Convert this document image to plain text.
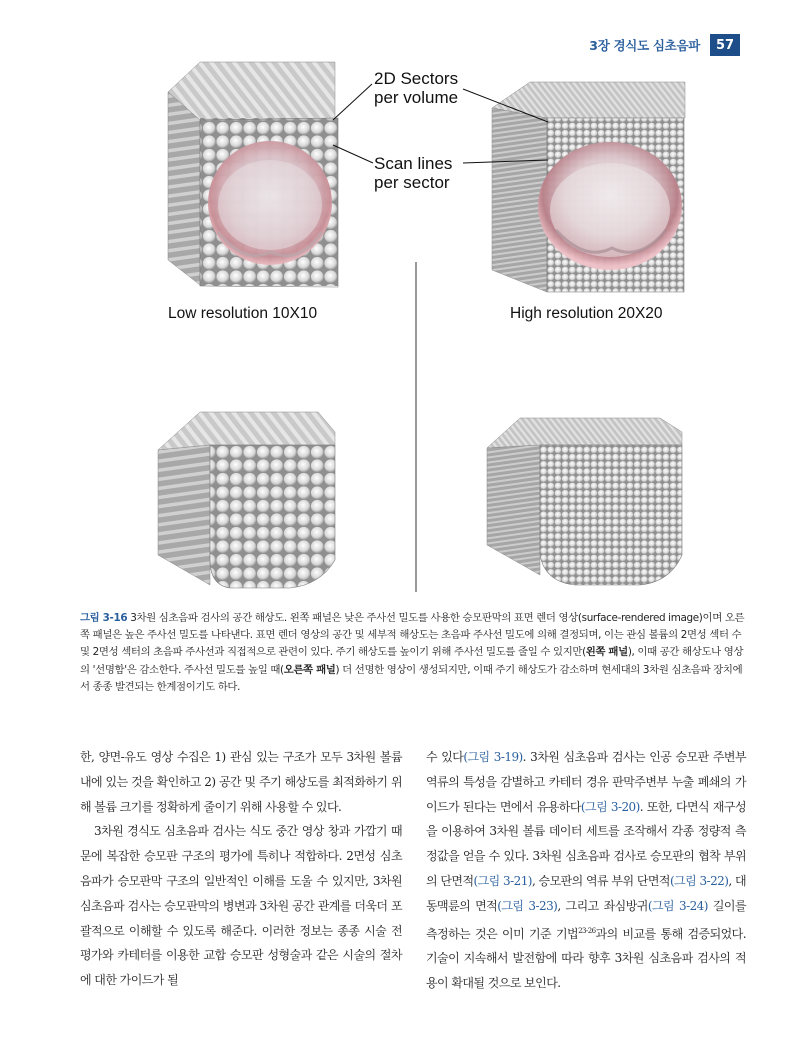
3장 경식도 심초음파	57
2D Sectors
per volume
Scan lines
per sector
Low resolution 10X10	High resolution 20X20
그림 3-16 3차원 심초음파 검사의 공간 해상도. 왼쪽 패널은 낮은 주사선 밀도를 사용한 승모판막의 표면 렌더 영상(surface-rendered image)이며 오른쪽 패널은 높은 주사선 밀도를 나타낸다. 표면 렌더 영상의 공간 및 세부적 해상도는 초음파 주사선 밀도에 의해 결정되며, 이는 관심 볼륨의 2면성 섹터 수 및 2면성 섹터의 초음파 주사선과 직접적으로 관련이 있다. 주기 해상도를 높이기 위해 주사선 밀도를 줄일 수 있지만(왼쪽 패널), 이때 공간 해상도나 영상의 '선명함'은 감소한다. 주사선 밀도를 높일 때(오른쪽 패널) 더 선명한 영상이 생성되지만, 이때 주기 해상도가 감소하며 현세대의 3차원 심초음파 장치에서 종종 발견되는 한계점이기도 하다.

한, 양면-유도 영상 수집은 1) 관심 있는 구조가 모두 3차원 볼륨 내에 있는 것을 확인하고 2) 공간 및 주기 해상도를 최적화하기 위해 볼륨 크기를 정확하게 줄이기 위해 사용할 수 있다.

3차원 경식도 심초음파 검사는 식도 중간 영상 창과 가깝기 때문에 복잡한 승모판 구조의 평가에 특히나 적합하다. 2면성 심초음파가 승모판막 구조의 일반적인 이해를 도울 수 있지만, 3차원 심초음파 검사는 승모판막의 병변과 3차원 공간 관계를 더욱더 포괄적으로 이해할 수 있도록 해준다. 이러한 정보는 종종 시술 전 평가와 카테터를 이용한 교합 승모판 성형술과 같은 시술의 절차에 대한 가이드가 될

수 있다(그림 3-19). 3차원 심초음파 검사는 인공 승모판 주변부 역류의 특성을 감별하고 카테터 경유 판막주변부 누출 폐쇄의 가이드가 된다는 면에서 유용하다(그림 3-20). 또한, 다면식 재구성을 이용하여 3차원 볼륨 데이터 세트를 조작해서 각종 정량적 측정값을 얻을 수 있다. 3차원 심초음파 검사로 승모판의 협착 부위의 단면적(그림 3-21), 승모판의 역류 부위 단면적(그림 3-22), 대동맥륜의 면적(그림 3-23), 그리고 좌심방귀(그림 3-24) 길이를 측정하는 것은 이미 기준 기법$^{23-26}$과의 비교를 통해 검증되었다. 기술이 지속해서 발전함에 따라 향후 3차원 심초음파 검사의 적용이 확대될 것으로 보인다.
